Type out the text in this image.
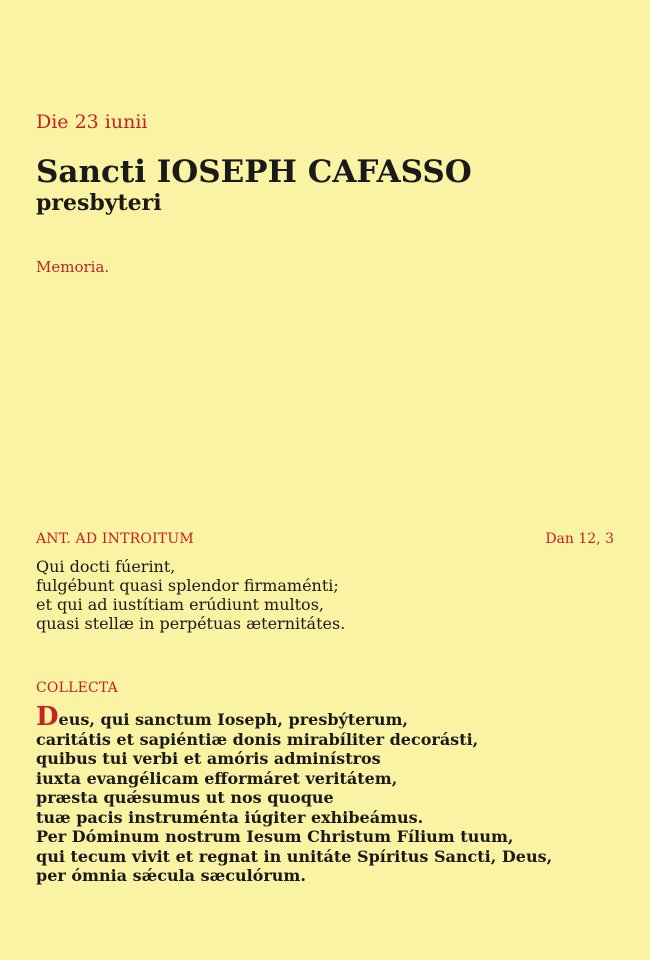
Die 23 iunii
Sancti IOSEPH CAFASSO
presbyteri
Memoria.
ANT. AD INTROITUM	Dan 12, 3
Qui docti fúerint,
fulgébunt quasi splendor firmaménti;
et qui ad iustítiam erúdiunt multos,
quasi stellæ in perpétuas æternitátes.
COLLECTA
Deus, qui sanctum Ioseph, presbýterum,
caritátis et sapiéntiæ donis mirabíliter decorásti,
quibus tui verbi et amóris adminístros
iuxta evangélicam efformáret veritátem,
præsta quǽsumus ut nos quoque
tuæ pacis instruménta iúgiter exhibeámus.
Per Dóminum nostrum Iesum Christum Fílium tuum,
qui tecum vivit et regnat in unitáte Spíritus Sancti, Deus,
per ómnia sǽcula sæculórum.
